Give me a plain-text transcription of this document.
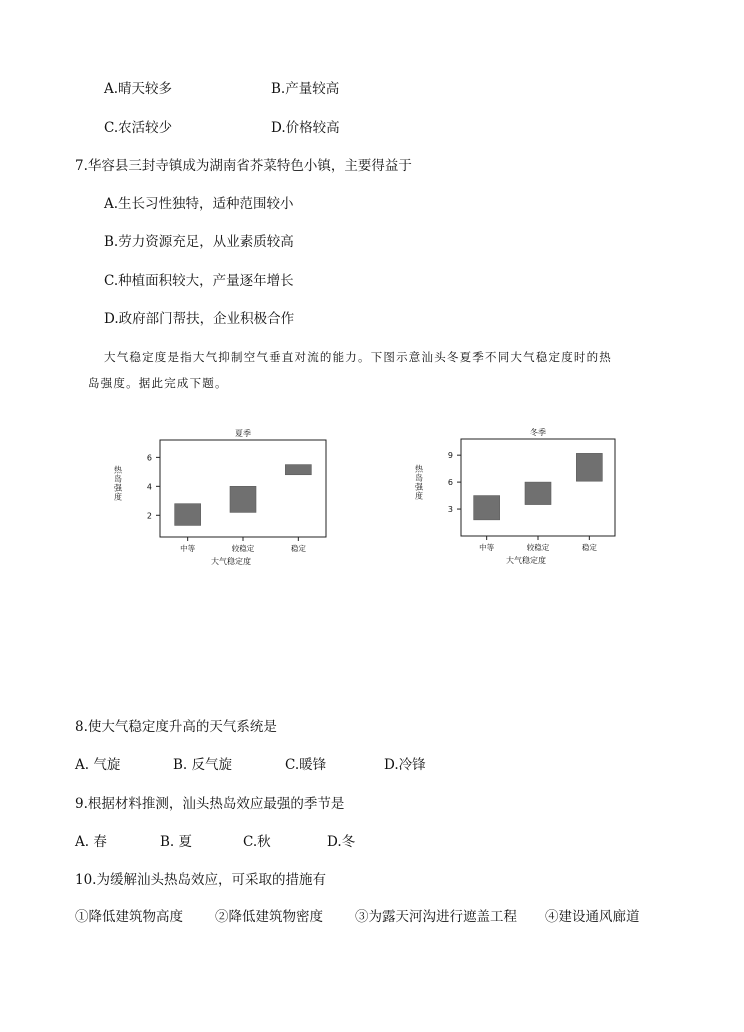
A.晴天较多	B.产量较高
C.农活较少	D.价格较高
7.华容县三封寺镇成为湖南省芥菜特色小镇，主要得益于
A.生长习性独特，适种范围较小
B.劳力资源充足，从业素质较高
C.种植面积较大，产量逐年增长
D.政府部门帮扶，企业积极合作
大气稳定度是指大气抑制空气垂直对流的能力。下图示意汕头冬夏季不同大气稳定度时的热
岛强度。据此完成下题。
夏季
2
4
6
中等	较稳定	稳定
大气稳定度
热岛强度
冬季
3
6
9
中等	较稳定	稳定
大气稳定度
热岛强度
8.使大气稳定度升高的天气系统是
A. 气旋	B. 反气旋	C.暖锋	D.冷锋
9.根据材料推测，汕头热岛效应最强的季节是
A. 春	B. 夏	C.秋	D.冬
10.为缓解汕头热岛效应，可采取的措施有
①降低建筑物高度 ②降低建筑物密度 ③为露天河沟进行遮盖工程 ④建设通风廊道
